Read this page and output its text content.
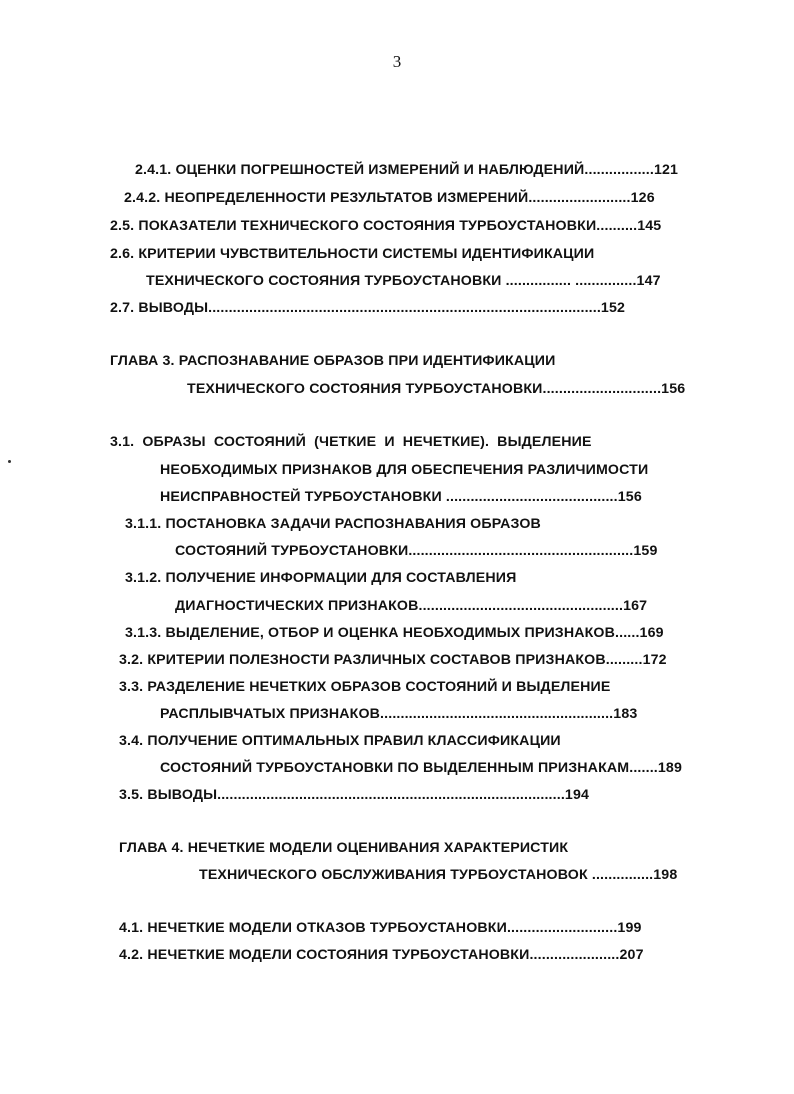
3
2.4.1. ОЦЕНКИ ПОГРЕШНОСТЕЙ ИЗМЕРЕНИЙ И НАБЛЮДЕНИЙ.................121
2.4.2. НЕОПРЕДЕЛЕННОСТИ РЕЗУЛЬТАТОВ ИЗМЕРЕНИЙ.........................126
2.5. ПОКАЗАТЕЛИ ТЕХНИЧЕСКОГО СОСТОЯНИЯ ТУРБОУСТАНОВКИ..........145
2.6. КРИТЕРИИ ЧУВСТВИТЕЛЬНОСТИ СИСТЕМЫ ИДЕНТИФИКАЦИИ
ТЕХНИЧЕСКОГО СОСТОЯНИЯ ТУРБОУСТАНОВКИ ................ ...............147
2.7. ВЫВОДЫ................................................................................................152
ГЛАВА 3. РАСПОЗНАВАНИЕ ОБРАЗОВ ПРИ ИДЕНТИФИКАЦИИ
ТЕХНИЧЕСКОГО СОСТОЯНИЯ ТУРБОУСТАНОВКИ.............................156
3.1. ОБРАЗЫ СОСТОЯНИЙ (ЧЕТКИЕ И НЕЧЕТКИЕ). ВЫДЕЛЕНИЕ
НЕОБХОДИМЫХ ПРИЗНАКОВ ДЛЯ ОБЕСПЕЧЕНИЯ РАЗЛИЧИМОСТИ
НЕИСПРАВНОСТЕЙ ТУРБОУСТАНОВКИ ..........................................156
3.1.1. ПОСТАНОВКА ЗАДАЧИ РАСПОЗНАВАНИЯ ОБРАЗОВ
СОСТОЯНИЙ ТУРБОУСТАНОВКИ.......................................................159
3.1.2. ПОЛУЧЕНИЕ ИНФОРМАЦИИ ДЛЯ СОСТАВЛЕНИЯ
ДИАГНОСТИЧЕСКИХ ПРИЗНАКОВ..................................................167
3.1.3. ВЫДЕЛЕНИЕ, ОТБОР И ОЦЕНКА НЕОБХОДИМЫХ ПРИЗНАКОВ......169
3.2. КРИТЕРИИ ПОЛЕЗНОСТИ РАЗЛИЧНЫХ СОСТАВОВ ПРИЗНАКОВ.........172
3.3. РАЗДЕЛЕНИЕ НЕЧЕТКИХ ОБРАЗОВ СОСТОЯНИЙ И ВЫДЕЛЕНИЕ
РАСПЛЫВЧАТЫХ ПРИЗНАКОВ.........................................................183
3.4. ПОЛУЧЕНИЕ ОПТИМАЛЬНЫХ ПРАВИЛ КЛАССИФИКАЦИИ
СОСТОЯНИЙ ТУРБОУСТАНОВКИ ПО ВЫДЕЛЕННЫМ ПРИЗНАКАМ.......189
3.5. ВЫВОДЫ.....................................................................................194
ГЛАВА 4. НЕЧЕТКИЕ МОДЕЛИ ОЦЕНИВАНИЯ ХАРАКТЕРИСТИК
ТЕХНИЧЕСКОГО ОБСЛУЖИВАНИЯ ТУРБОУСТАНОВОК ...............198
4.1. НЕЧЕТКИЕ МОДЕЛИ ОТКАЗОВ ТУРБОУСТАНОВКИ...........................199
4.2. НЕЧЕТКИЕ МОДЕЛИ СОСТОЯНИЯ ТУРБОУСТАНОВКИ......................207
